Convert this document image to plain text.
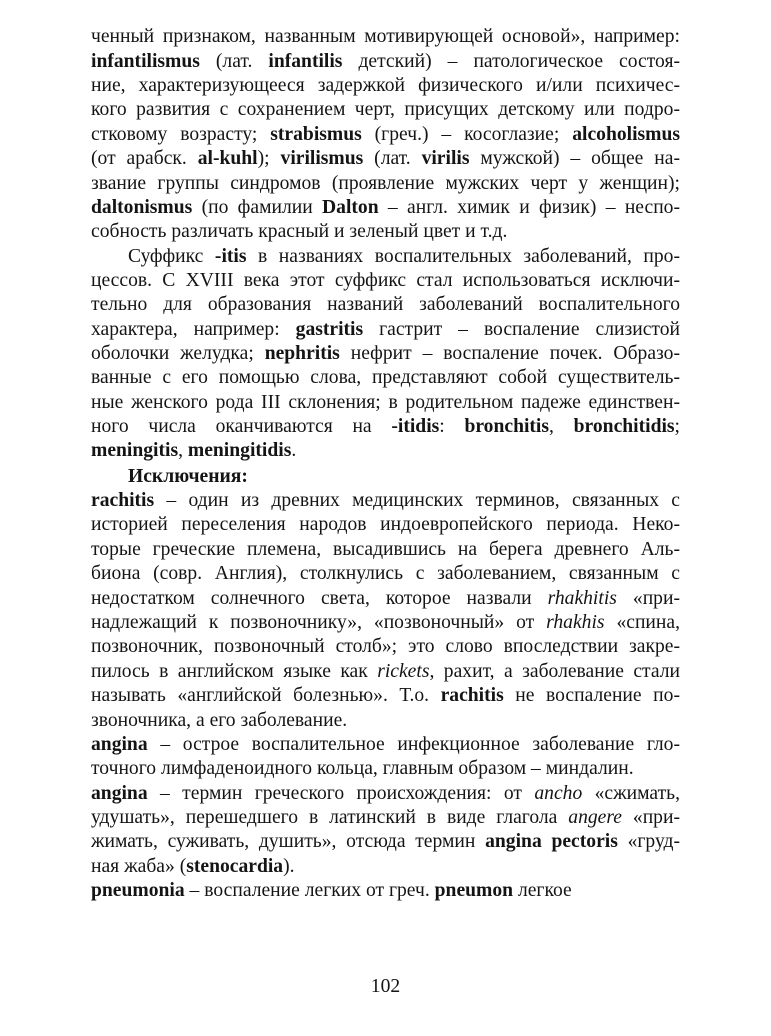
ченный признаком, названным мотивирующей основой», например:
infantilismus (лат. infantilis детский) – патологическое состоя-
ние, характеризующееся задержкой физического и/или психичес-
кого развития с сохранением черт, присущих детскому или подро-
стковому возрасту; strabismus (греч.) – косоглазие; alcoholismus
(от арабск. al-kuhl); virilismus (лат. virilis мужской) – общее на-
звание группы синдромов (проявление мужских черт у женщин);
daltonismus (по фамилии Dalton – англ. химик и физик) – неспо-
собность различать красный и зеленый цвет и т.д.
Суффикс -itis в названиях воспалительных заболеваний, про-
цессов. С XVIII века этот суффикс стал использоваться исключи-
тельно для образования названий заболеваний воспалительного
характера, например: gastritis гастрит – воспаление слизистой
оболочки желудка; nephritis нефрит – воспаление почек. Образо-
ванные с его помощью слова, представляют собой существитель-
ные женского рода III склонения; в родительном падеже единствен-
ного числа оканчиваются на -itidis: bronchitis, bronchitidis;
meningitis, meningitidis.
Исключения:
rachitis – один из древних медицинских терминов, связанных с
историей переселения народов индоевропейского периода. Неко-
торые греческие племена, высадившись на берега древнего Аль-
биона (совр. Англия), столкнулись с заболеванием, связанным с
недостатком солнечного света, которое назвали rhakhitis «при-
надлежащий к позвоночнику», «позвоночный» от rhakhis «спина,
позвоночник, позвоночный столб»; это слово впоследствии закре-
пилось в английском языке как rickets, рахит, а заболевание стали
называть «английской болезнью». Т.о. rachitis не воспаление по-
звоночника, а его заболевание.
angina – острое воспалительное инфекционное заболевание гло-
точного лимфаденоидного кольца, главным образом – миндалин.
angina – термин греческого происхождения: от ancho «сжимать,
удушать», перешедшего в латинский в виде глагола angere «при-
жимать, суживать, душить», отсюда термин angina pectoris «груд-
ная жаба» (stenocardia).
pneumonia – воспаление легких от греч. pneumon легкое
102
